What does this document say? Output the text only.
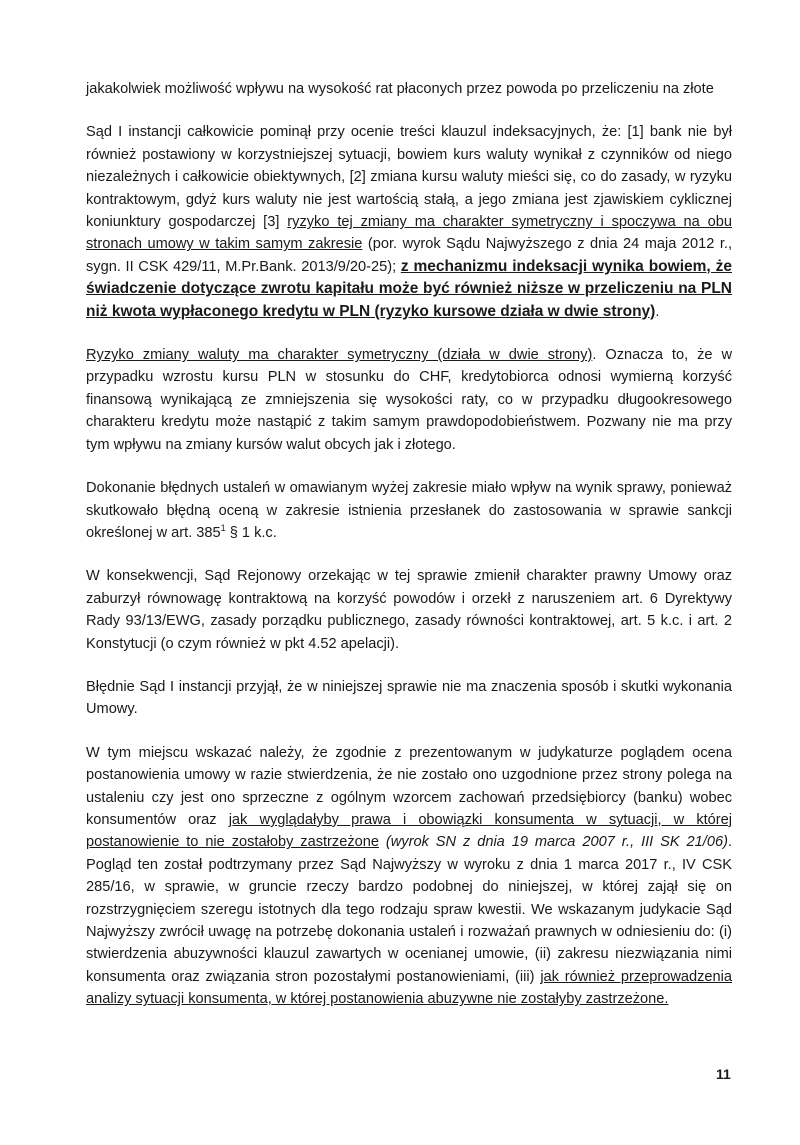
jakakolwiek możliwość wpływu na wysokość rat płaconych przez powoda po przeliczeniu na złote

Sąd I instancji całkowicie pominął przy ocenie treści klauzul indeksacyjnych, że: [1] bank nie był również postawiony w korzystniejszej sytuacji, bowiem kurs waluty wynikał z czynników od niego niezależnych i całkowicie obiektywnych, [2] zmiana kursu waluty mieści się, co do zasady, w ryzyku kontraktowym, gdyż kurs waluty nie jest wartością stałą, a jego zmiana jest zjawiskiem cyklicznej koniunktury gospodarczej [3] ryzyko tej zmiany ma charakter symetryczny i spoczywa na obu stronach umowy w takim samym zakresie (por. wyrok Sądu Najwyższego z dnia 24 maja 2012 r., sygn. II CSK 429/11, M.Pr.Bank. 2013/9/20-25); z mechanizmu indeksacji wynika bowiem, że świadczenie dotyczące zwrotu kapitału może być również niższe w przeliczeniu na PLN niż kwota wypłaconego kredytu w PLN (ryzyko kursowe działa w dwie strony).

Ryzyko zmiany waluty ma charakter symetryczny (działa w dwie strony). Oznacza to, że w przypadku wzrostu kursu PLN w stosunku do CHF, kredytobiorca odnosi wymierną korzyść finansową wynikającą ze zmniejszenia się wysokości raty, co w przypadku długookresowego charakteru kredytu może nastąpić z takim samym prawdopodobieństwem. Pozwany nie ma przy tym wpływu na zmiany kursów walut obcych jak i złotego.

Dokonanie błędnych ustaleń w omawianym wyżej zakresie miało wpływ na wynik sprawy, ponieważ skutkowało błędną oceną w zakresie istnienia przesłanek do zastosowania w sprawie sankcji określonej w art. $385^1$ § 1 k.c.

W konsekwencji, Sąd Rejonowy orzekając w tej sprawie zmienił charakter prawny Umowy oraz zaburzył równowagę kontraktową na korzyść powodów i orzekł z naruszeniem art. 6 Dyrektywy Rady 93/13/EWG, zasady porządku publicznego, zasady równości kontraktowej, art. 5 k.c. i art. 2 Konstytucji (o czym również w pkt 4.52 apelacji).

Błędnie Sąd I instancji przyjął, że w niniejszej sprawie nie ma znaczenia sposób i skutki wykonania Umowy.

W tym miejscu wskazać należy, że zgodnie z prezentowanym w judykaturze poglądem ocena postanowienia umowy w razie stwierdzenia, że nie zostało ono uzgodnione przez strony polega na ustaleniu czy jest ono sprzeczne z ogólnym wzorcem zachowań przedsiębiorcy (banku) wobec konsumentów oraz jak wyglądałyby prawa i obowiązki konsumenta w sytuacji, w której postanowienie to nie zostałoby zastrzeżone (wyrok SN z dnia 19 marca 2007 r., III SK 21/06). Pogląd ten został podtrzymany przez Sąd Najwyższy w wyroku z dnia 1 marca 2017 r., IV CSK 285/16, w sprawie, w gruncie rzeczy bardzo podobnej do niniejszej, w której zajął się on rozstrzygnięciem szeregu istotnych dla tego rodzaju spraw kwestii. We wskazanym judykacie Sąd Najwyższy zwrócił uwagę na potrzebę dokonania ustaleń i rozważań prawnych w odniesieniu do: (i) stwierdzenia abuzywności klauzul zawartych w ocenianej umowie, (ii) zakresu niezwiązania nimi konsumenta oraz związania stron pozostałymi postanowieniami, (iii) jak również przeprowadzenia analizy sytuacji konsumenta, w której postanowienia abuzywne nie zostałyby zastrzeżone.

11
